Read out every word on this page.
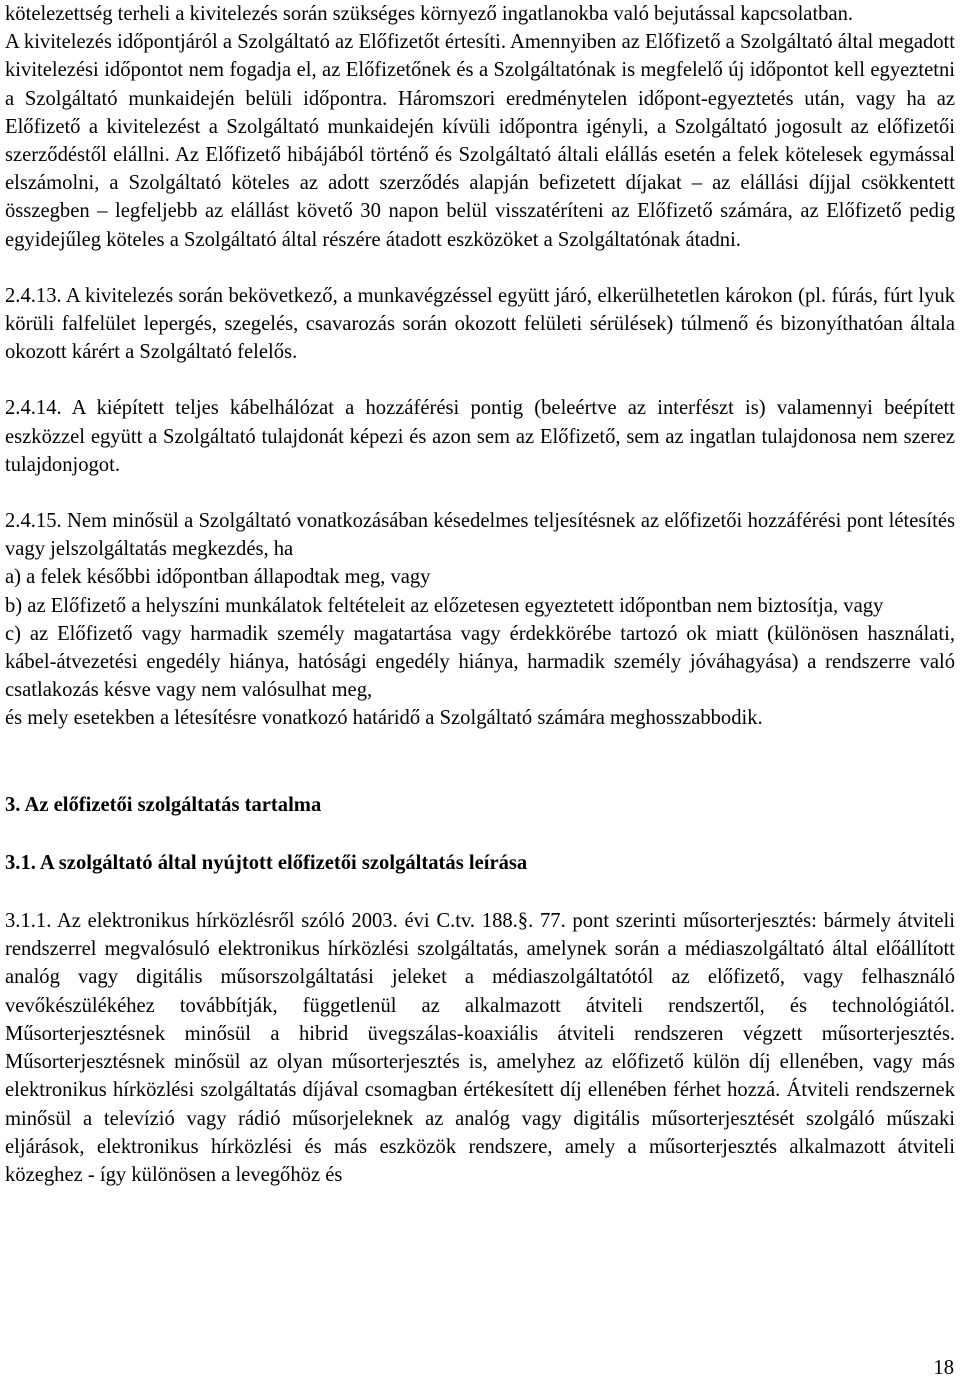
kötelezettség terheli a kivitelezés során szükséges környező ingatlanokba való bejutással kapcsolatban.

A kivitelezés időpontjáról a Szolgáltató az Előfizetőt értesíti. Amennyiben az Előfizető a Szolgáltató által megadott kivitelezési időpontot nem fogadja el, az Előfizetőnek és a Szolgáltatónak is megfelelő új időpontot kell egyeztetni a Szolgáltató munkaidején belüli időpontra. Háromszori eredménytelen időpont-egyeztetés után, vagy ha az Előfizető a kivitelezést a Szolgáltató munkaidején kívüli időpontra igényli, a Szolgáltató jogosult az előfizetői szerződéstől elállni. Az Előfizető hibájából történő és Szolgáltató általi elállás esetén a felek kötelesek egymással elszámolni, a Szolgáltató köteles az adott szerződés alapján befizetett díjakat – az elállási díjjal csökkentett összegben – legfeljebb az elállást követő 30 napon belül visszatéríteni az Előfizető számára, az Előfizető pedig egyidejűleg köteles a Szolgáltató által részére átadott eszközöket a Szolgáltatónak átadni.

2.4.13. A kivitelezés során bekövetkező, a munkavégzéssel együtt járó, elkerülhetetlen károkon (pl. fúrás, fúrt lyuk körüli falfelület lepergés, szegelés, csavarozás során okozott felületi sérülések) túlmenő és bizonyíthatóan általa okozott kárért a Szolgáltató felelős.

2.4.14. A kiépített teljes kábelhálózat a hozzáférési pontig (beleértve az interfészt is) valamennyi beépített eszközzel együtt a Szolgáltató tulajdonát képezi és azon sem az Előfizető, sem az ingatlan tulajdonosa nem szerez tulajdonjogot.

2.4.15. Nem minősül a Szolgáltató vonatkozásában késedelmes teljesítésnek az előfizetői hozzáférési pont létesítés vagy jelszolgáltatás megkezdés, ha

a) a felek későbbi időpontban állapodtak meg, vagy

b) az Előfizető a helyszíni munkálatok feltételeit az előzetesen egyeztetett időpontban nem biztosítja, vagy

c) az Előfizető vagy harmadik személy magatartása vagy érdekkörébe tartozó ok miatt (különösen használati, kábel-átvezetési engedély hiánya, hatósági engedély hiánya, harmadik személy jóváhagyása) a rendszerre való csatlakozás késve vagy nem valósulhat meg,

és mely esetekben a létesítésre vonatkozó határidő a Szolgáltató számára meghosszabbodik.

3. Az előfizetői szolgáltatás tartalma

3.1. A szolgáltató által nyújtott előfizetői szolgáltatás leírása

3.1.1. Az elektronikus hírközlésről szóló 2003. évi C.tv. 188.§. 77. pont szerinti műsorterjesztés: bármely átviteli rendszerrel megvalósuló elektronikus hírközlési szolgáltatás, amelynek során a médiaszolgáltató által előállított analóg vagy digitális műsorszolgáltatási jeleket a médiaszolgáltatótól az előfizető, vagy felhasználó vevőkészülékéhez továbbítják, függetlenül az alkalmazott átviteli rendszertől, és technológiától. Műsorterjesztésnek minősül a hibrid üvegszálas-koaxiális átviteli rendszeren végzett műsorterjesztés. Műsorterjesztésnek minősül az olyan műsorterjesztés is, amelyhez az előfizető külön díj ellenében, vagy más elektronikus hírközlési szolgáltatás díjával csomagban értékesített díj ellenében férhet hozzá. Átviteli rendszernek minősül a televízió vagy rádió műsorjeleknek az analóg vagy digitális műsorterjesztését szolgáló műszaki eljárások, elektronikus hírközlési és más eszközök rendszere, amely a műsorterjesztés alkalmazott átviteli közeghez - így különösen a levegőhöz és

18
